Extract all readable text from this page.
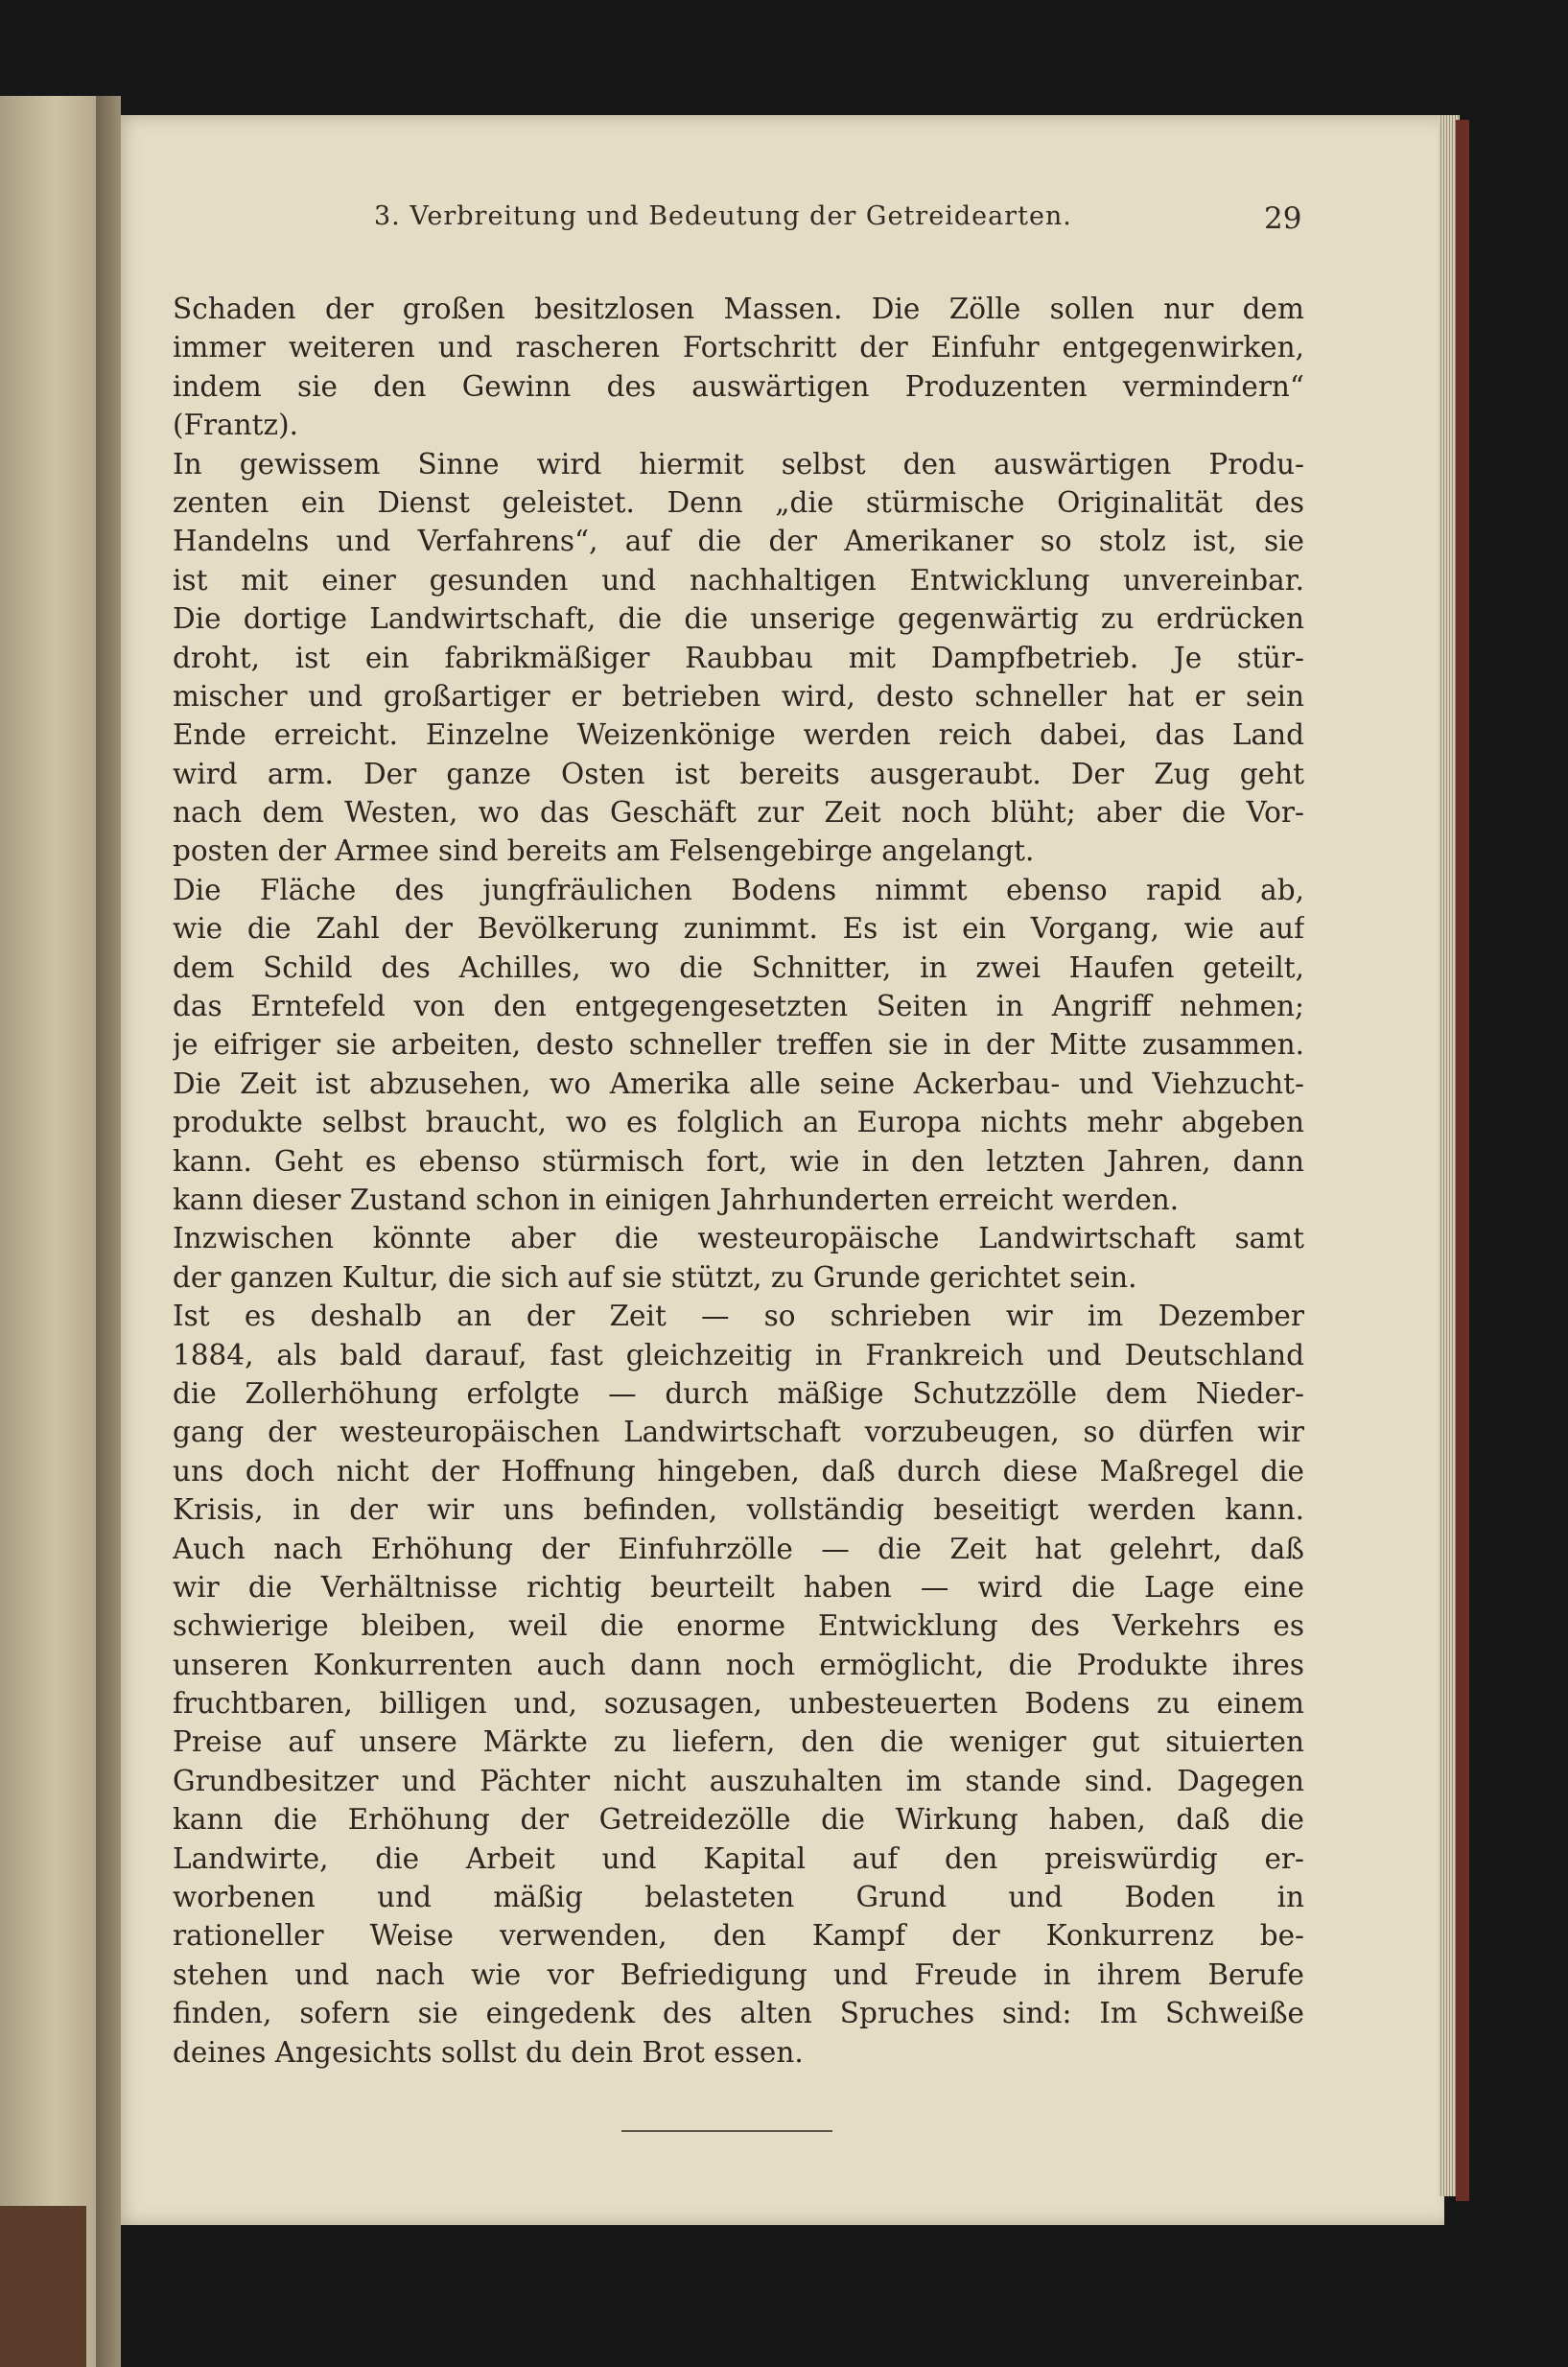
3. Verbreitung und Bedeutung der Getreidearten.	29
Schaden der großen besitzlosen Massen. Die Zölle sollen nur dem
immer weiteren und rascheren Fortschritt der Einfuhr entgegenwirken,
indem sie den Gewinn des auswärtigen Produzenten vermindern“
(Frantz).
In gewissem Sinne wird hiermit selbst den auswärtigen Produ-
zenten ein Dienst geleistet. Denn „die stürmische Originalität des
Handelns und Verfahrens“, auf die der Amerikaner so stolz ist, sie
ist mit einer gesunden und nachhaltigen Entwicklung unvereinbar.
Die dortige Landwirtschaft, die die unserige gegenwärtig zu erdrücken
droht, ist ein fabrikmäßiger Raubbau mit Dampfbetrieb. Je stür-
mischer und großartiger er betrieben wird, desto schneller hat er sein
Ende erreicht. Einzelne Weizenkönige werden reich dabei, das Land
wird arm. Der ganze Osten ist bereits ausgeraubt. Der Zug geht
nach dem Westen, wo das Geschäft zur Zeit noch blüht; aber die Vor-
posten der Armee sind bereits am Felsengebirge angelangt.
Die Fläche des jungfräulichen Bodens nimmt ebenso rapid ab,
wie die Zahl der Bevölkerung zunimmt. Es ist ein Vorgang, wie auf
dem Schild des Achilles, wo die Schnitter, in zwei Haufen geteilt,
das Erntefeld von den entgegengesetzten Seiten in Angriff nehmen;
je eifriger sie arbeiten, desto schneller treffen sie in der Mitte zusammen.
Die Zeit ist abzusehen, wo Amerika alle seine Ackerbau- und Viehzucht-
produkte selbst braucht, wo es folglich an Europa nichts mehr abgeben
kann. Geht es ebenso stürmisch fort, wie in den letzten Jahren, dann
kann dieser Zustand schon in einigen Jahrhunderten erreicht werden.
Inzwischen könnte aber die westeuropäische Landwirtschaft samt
der ganzen Kultur, die sich auf sie stützt, zu Grunde gerichtet sein.
Ist es deshalb an der Zeit — so schrieben wir im Dezember
1884, als bald darauf, fast gleichzeitig in Frankreich und Deutschland
die Zollerhöhung erfolgte — durch mäßige Schutzzölle dem Nieder-
gang der westeuropäischen Landwirtschaft vorzubeugen, so dürfen wir
uns doch nicht der Hoffnung hingeben, daß durch diese Maßregel die
Krisis, in der wir uns befinden, vollständig beseitigt werden kann.
Auch nach Erhöhung der Einfuhrzölle — die Zeit hat gelehrt, daß
wir die Verhältnisse richtig beurteilt haben — wird die Lage eine
schwierige bleiben, weil die enorme Entwicklung des Verkehrs es
unseren Konkurrenten auch dann noch ermöglicht, die Produkte ihres
fruchtbaren, billigen und, sozusagen, unbesteuerten Bodens zu einem
Preise auf unsere Märkte zu liefern, den die weniger gut situierten
Grundbesitzer und Pächter nicht auszuhalten im stande sind. Dagegen
kann die Erhöhung der Getreidezölle die Wirkung haben, daß die
Landwirte, die Arbeit und Kapital auf den preiswürdig er-
worbenen und mäßig belasteten Grund und Boden in
rationeller Weise verwenden, den Kampf der Konkurrenz be-
stehen und nach wie vor Befriedigung und Freude in ihrem Berufe
finden, sofern sie eingedenk des alten Spruches sind: Im Schweiße
deines Angesichts sollst du dein Brot essen.
